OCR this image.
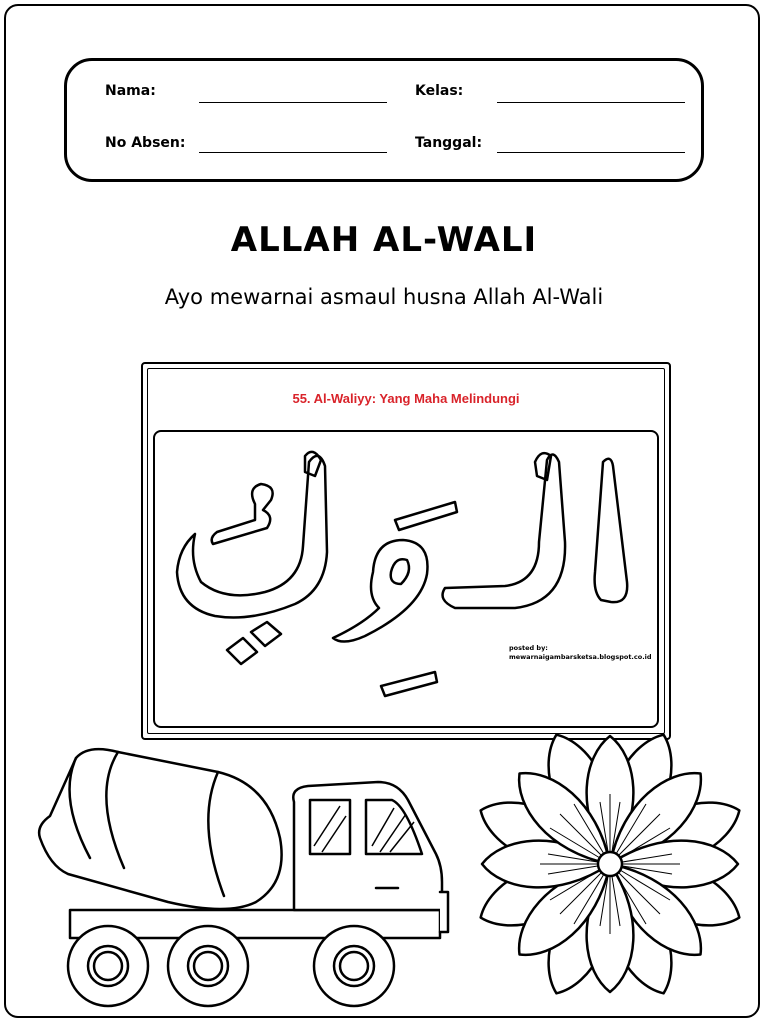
Nama:	Kelas:
No Absen:	Tanggal:
ALLAH AL-WALI
Ayo mewarnai asmaul husna Allah Al-Wali
55. Al-Waliyy: Yang Maha Melindungi
posted by:
mewarnaigambarsketsa.blogspot.co.id
